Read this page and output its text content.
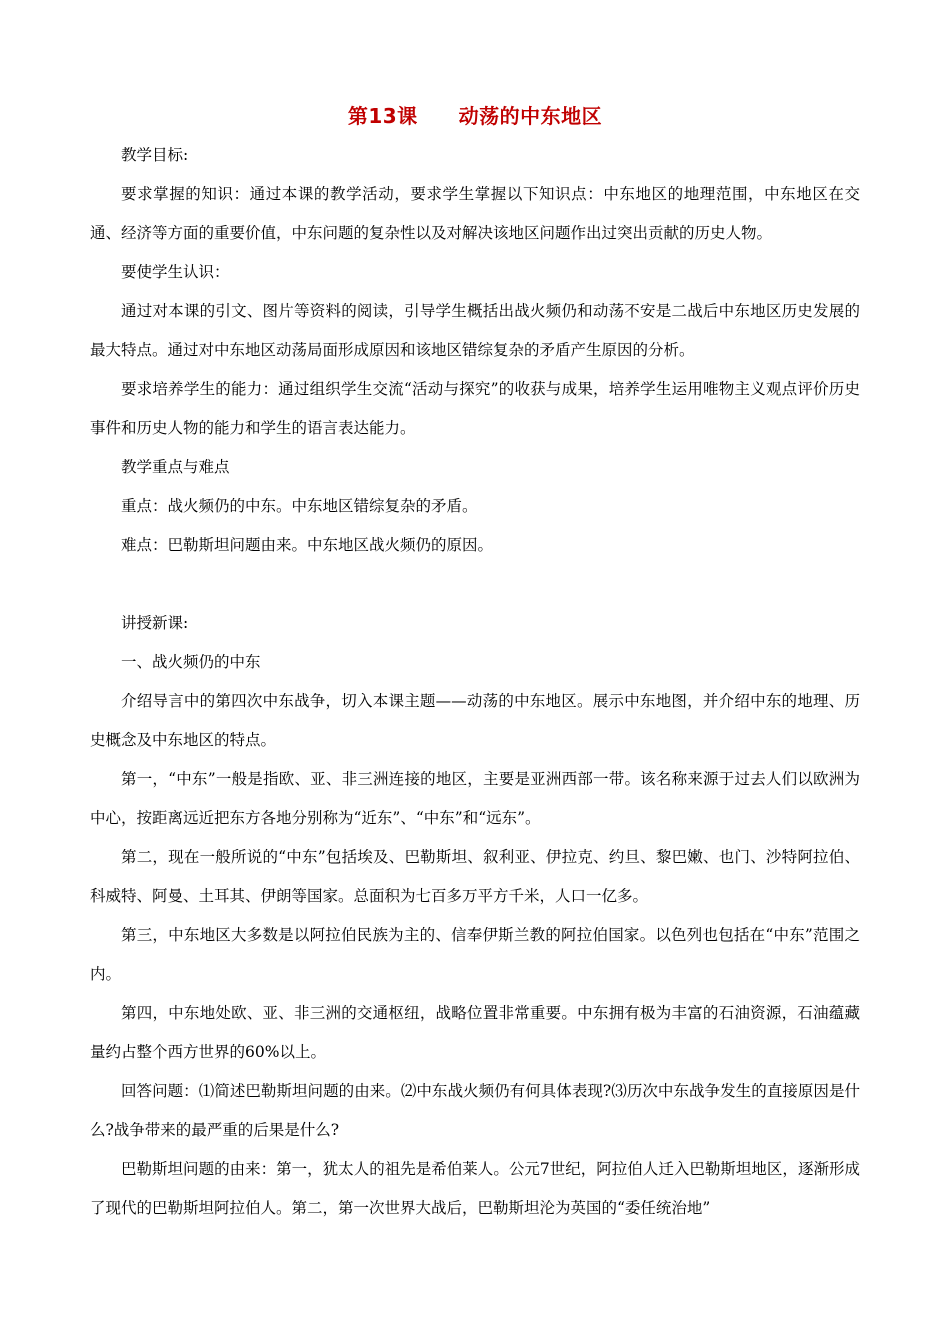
第13课　　动荡的中东地区

教学目标:

要求掌握的知识：通过本课的教学活动，要求学生掌握以下知识点：中东地区的地理范围，中东地区在交通、经济等方面的重要价值，中东问题的复杂性以及对解决该地区问题作出过突出贡献的历史人物。

要使学生认识：

通过对本课的引文、图片等资料的阅读，引导学生概括出战火频仍和动荡不安是二战后中东地区历史发展的最大特点。通过对中东地区动荡局面形成原因和该地区错综复杂的矛盾产生原因的分析。

要求培养学生的能力：通过组织学生交流“活动与探究”的收获与成果，培养学生运用唯物主义观点评价历史事件和历史人物的能力和学生的语言表达能力。

教学重点与难点

重点：战火频仍的中东。中东地区错综复杂的矛盾。

难点：巴勒斯坦问题由来。中东地区战火频仍的原因。

讲授新课:

一、战火频仍的中东

介绍导言中的第四次中东战争，切入本课主题——动荡的中东地区。展示中东地图，并介绍中东的地理、历史概念及中东地区的特点。

第一，“中东”一般是指欧、亚、非三洲连接的地区，主要是亚洲西部一带。该名称来源于过去人们以欧洲为中心，按距离远近把东方各地分别称为“近东”、“中东”和“远东”。

第二，现在一般所说的“中东”包括埃及、巴勒斯坦、叙利亚、伊拉克、约旦、黎巴嫩、也门、沙特阿拉伯、科威特、阿曼、土耳其、伊朗等国家。总面积为七百多万平方千米，人口一亿多。

第三，中东地区大多数是以阿拉伯民族为主的、信奉伊斯兰教的阿拉伯国家。以色列也包括在“中东”范围之内。

第四，中东地处欧、亚、非三洲的交通枢纽，战略位置非常重要。中东拥有极为丰富的石油资源，石油蕴藏量约占整个西方世界的60%以上。

回答问题：⑴简述巴勒斯坦问题的由来。⑵中东战火频仍有何具体表现?⑶历次中东战争发生的直接原因是什么?战争带来的最严重的后果是什么?

巴勒斯坦问题的由来：第一，犹太人的祖先是希伯莱人。公元7世纪，阿拉伯人迁入巴勒斯坦地区，逐渐形成了现代的巴勒斯坦阿拉伯人。第二，第一次世界大战后，巴勒斯坦沦为英国的“委任统治地”
